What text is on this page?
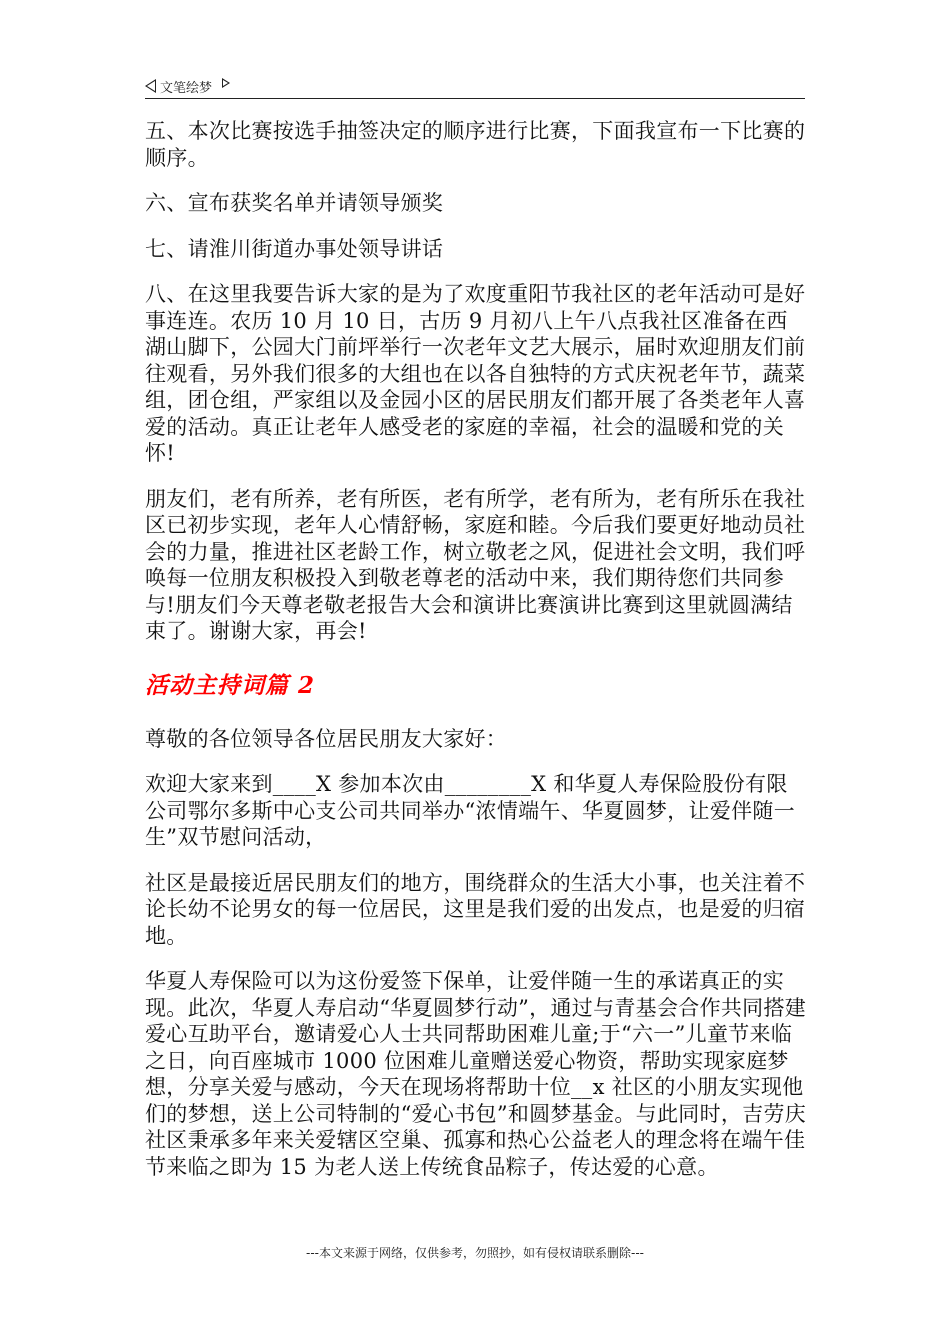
文笔绘梦

五、本次比赛按选手抽签决定的顺序进行比赛，下面我宣布一下比赛的顺序。

六、宣布获奖名单并请领导颁奖

七、请淮川街道办事处领导讲话

八、在这里我要告诉大家的是为了欢度重阳节我社区的老年活动可是好事连连。农历 10 月 10 日，古历 9 月初八上午八点我社区准备在西湖山脚下，公园大门前坪举行一次老年文艺大展示，届时欢迎朋友们前往观看，另外我们很多的大组也在以各自独特的方式庆祝老年节，蔬菜组，团仓组，严家组以及金园小区的居民朋友们都开展了各类老年人喜爱的活动。真正让老年人感受老的家庭的幸福，社会的温暖和党的关怀!

朋友们，老有所养，老有所医，老有所学，老有所为，老有所乐在我社区已初步实现，老年人心情舒畅，家庭和睦。今后我们要更好地动员社会的力量，推进社区老龄工作，树立敬老之风，促进社会文明，我们呼唤每一位朋友积极投入到敬老尊老的活动中来，我们期待您们共同参与!朋友们今天尊老敬老报告大会和演讲比赛演讲比赛到这里就圆满结束了。谢谢大家，再会!

活动主持词篇 2

尊敬的各位领导各位居民朋友大家好：

欢迎大家来到____X 参加本次由________X 和华夏人寿保险股份有限公司鄂尔多斯中心支公司共同举办“浓情端午、华夏圆梦，让爱伴随一生”双节慰问活动，

社区是最接近居民朋友们的地方，围绕群众的生活大小事，也关注着不论长幼不论男女的每一位居民，这里是我们爱的出发点，也是爱的归宿地。

华夏人寿保险可以为这份爱签下保单，让爱伴随一生的承诺真正的实现。此次，华夏人寿启动“华夏圆梦行动”，通过与青基会合作共同搭建爱心互助平台，邀请爱心人士共同帮助困难儿童;于“六一”儿童节来临之日，向百座城市 1000 位困难儿童赠送爱心物资，帮助实现家庭梦想，分享关爱与感动，今天在现场将帮助十位__x 社区的小朋友实现他们的梦想，送上公司特制的“爱心书包”和圆梦基金。与此同时，吉劳庆社区秉承多年来关爱辖区空巢、孤寡和热心公益老人的理念将在端午佳节来临之即为 15 为老人送上传统食品粽子，传达爱的心意。

---本文来源于网络，仅供参考，勿照抄，如有侵权请联系删除---
